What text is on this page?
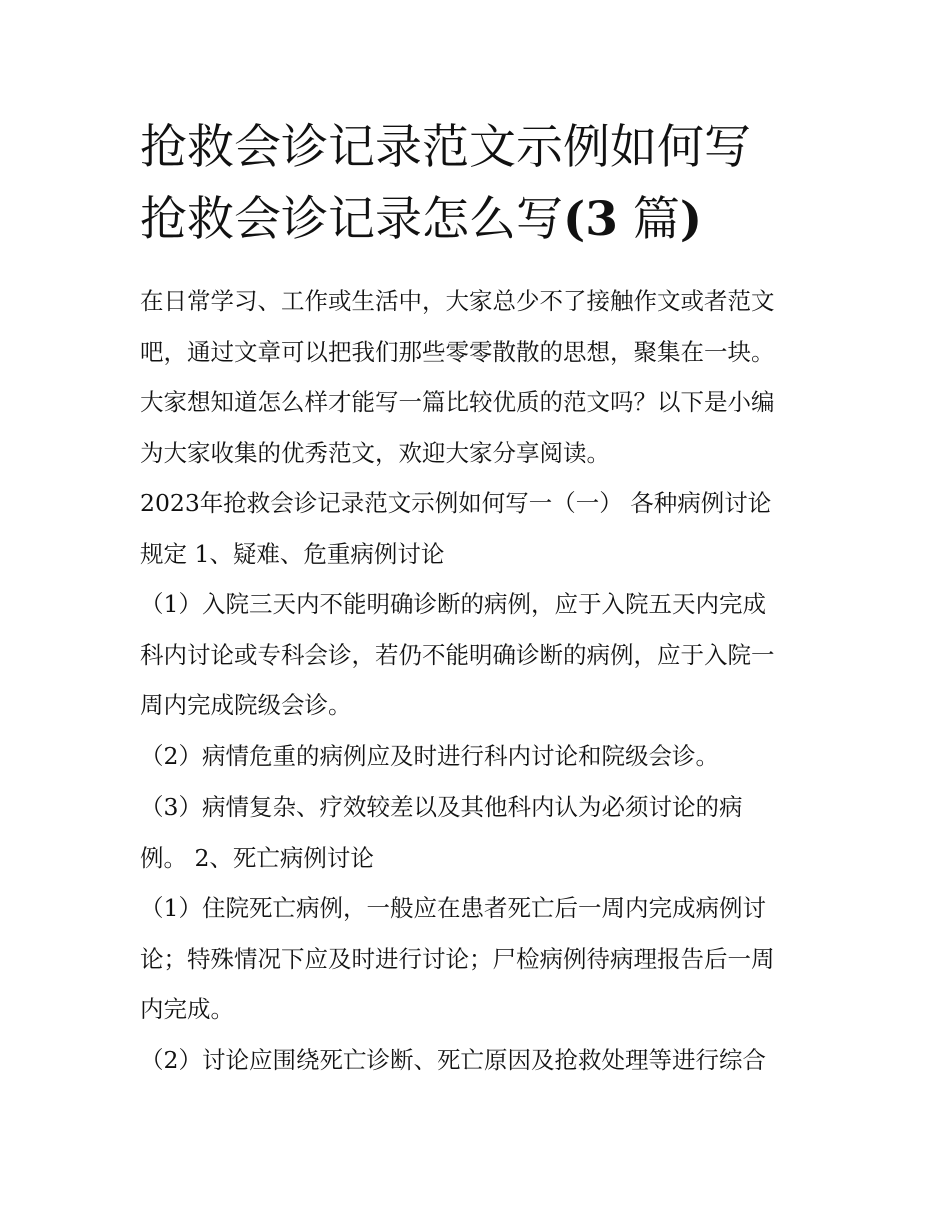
抢救会诊记录范文示例如何写
抢救会诊记录怎么写(3 篇)
在日常学习、工作或生活中，大家总少不了接触作文或者范文
吧，通过文章可以把我们那些零零散散的思想，聚集在一块。
大家想知道怎么样才能写一篇比较优质的范文吗？以下是小编
为大家收集的优秀范文，欢迎大家分享阅读。
2023年抢救会诊记录范文示例如何写一（一） 各种病例讨论
规定 1、疑难、危重病例讨论
（1）入院三天内不能明确诊断的病例，应于入院五天内完成
科内讨论或专科会诊，若仍不能明确诊断的病例，应于入院一
周内完成院级会诊。
（2）病情危重的病例应及时进行科内讨论和院级会诊。
（3）病情复杂、疗效较差以及其他科内认为必须讨论的病
例。 2、死亡病例讨论
（1）住院死亡病例，一般应在患者死亡后一周内完成病例讨
论；特殊情况下应及时进行讨论；尸检病例待病理报告后一周
内完成。
（2）讨论应围绕死亡诊断、死亡原因及抢救处理等进行综合
